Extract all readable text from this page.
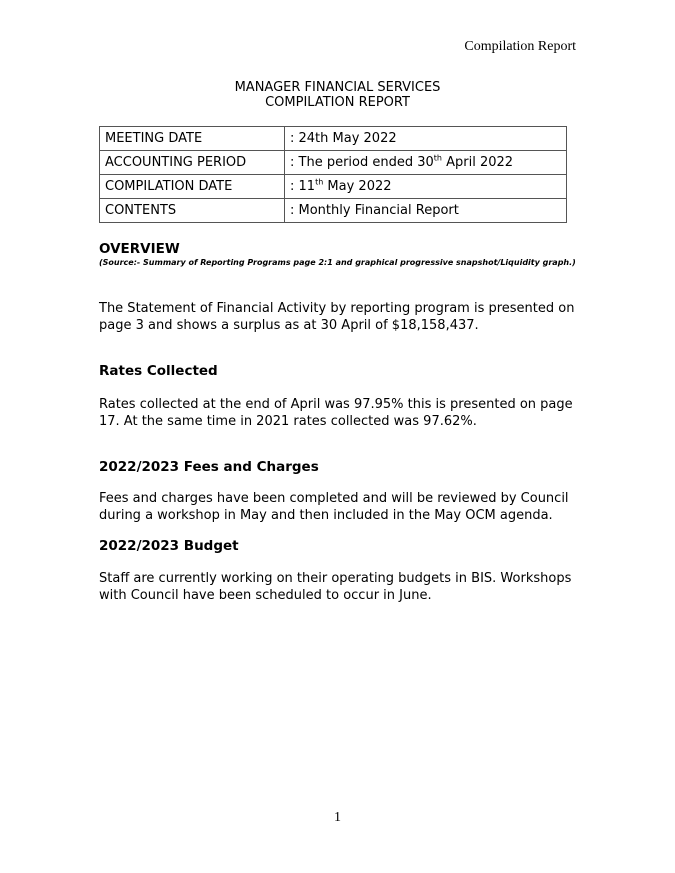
Compilation Report
MANAGER FINANCIAL SERVICES
COMPILATION REPORT
MEETING DATE	: 24th May 2022
ACCOUNTING PERIOD	: The period ended 30th April 2022
COMPILATION DATE	: 11th May 2022
CONTENTS	: Monthly Financial Report
OVERVIEW
(Source:- Summary of Reporting Programs page 2:1 and graphical progressive snapshot/Liquidity graph.)

The Statement of Financial Activity by reporting program is presented on page 3 and shows a surplus as at 30 April of $18,158,437.

Rates Collected

Rates collected at the end of April was 97.95% this is presented on page 17. At the same time in 2021 rates collected was 97.62%.

2022/2023 Fees and Charges

Fees and charges have been completed and will be reviewed by Council during a workshop in May and then included in the May OCM agenda.

2022/2023 Budget

Staff are currently working on their operating budgets in BIS. Workshops with Council have been scheduled to occur in June.

1
